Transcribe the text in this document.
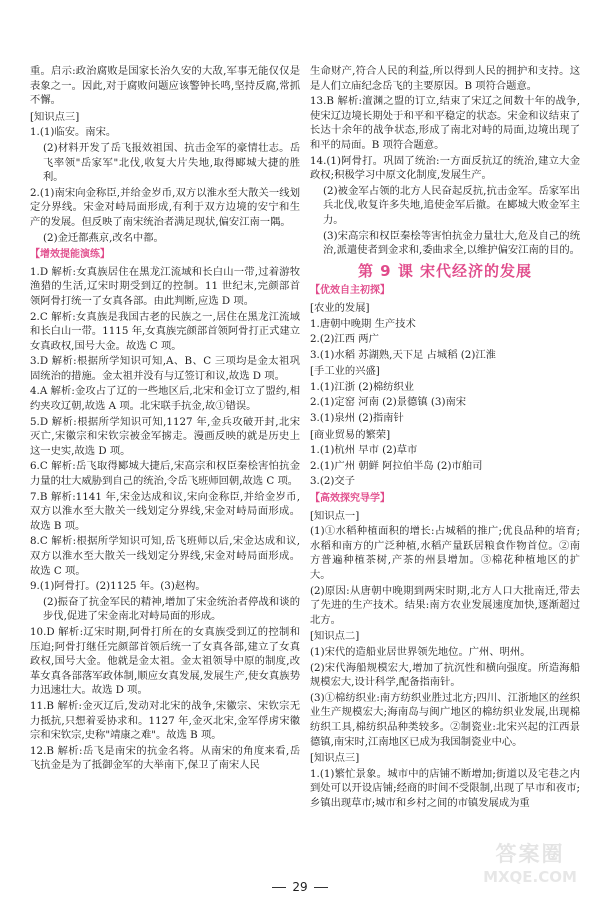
重。启示:政治腐败是国家长治久安的大敌,军事无能仅仅是表象之一。因此,对于腐败问题应该警钟长鸣,坚持反腐,常抓不懈。

[知识点三]

1.(1)临安。南宋。

(2)材料开发了岳飞报效祖国、抗击金军的豪情壮志。岳飞率领"岳家军"北伐,收复大片失地,取得郾城大捷的胜利。

2.(1)南宋向金称臣,并给金岁币,双方以淮水至大散关一线划定分界线。宋金对峙局面形成,有利于双方边境的安宁和生产的发展。但反映了南宋统治者满足现状,偏安江南一隅。

(2)金迁都燕京,改名中都。

【增效提能演练】

1.D 解析:女真族居住在黑龙江流域和长白山一带,过着游牧渔猎的生活,辽宋时期受到辽的控制。11 世纪末,完颜部首领阿骨打统一了女真各部。由此判断,应选 D 项。

2.C 解析:女真族是我国古老的民族之一,居住在黑龙江流域和长白山一带。1115 年,女真族完颜部首领阿骨打正式建立女真政权,国号大金。故选 C 项。

3.D 解析:根据所学知识可知,A、B、C 三项均是金太祖巩固统治的措施。金太祖并没有与辽签订和议,故选 D 项。

4.A 解析:金攻占了辽的一些地区后,北宋和金订立了盟约,相约夹攻辽朝,故选 A 项。北宋联手抗金,故①错误。

5.D 解析:根据所学知识可知,1127 年,金兵攻破开封,北宋灭亡,宋徽宗和宋钦宗被金军掳走。漫画反映的就是历史上这一史实,故选 D 项。

6.C 解析:岳飞取得郾城大捷后,宋高宗和权臣秦桧害怕抗金力量的壮大威胁到自己的统治,令岳飞班师回朝,故选 C 项。

7.B 解析:1141 年,宋金达成和议,宋向金称臣,并给金岁币,双方以淮水至大散关一线划定分界线,宋金对峙局面形成。故选 B 项。

8.C 解析:根据所学知识可知,岳飞班师以后,宋金达成和议,双方以淮水至大散关一线划定分界线,宋金对峙局面形成。故选 C 项。

9.(1)阿骨打。(2)1125 年。(3)赵构。

(2)振奋了抗金军民的精神,增加了宋金统治者停战和谈的步伐,促进了宋金南北对峙局面的形成。

10.D 解析:辽宋时期,阿骨打所在的女真族受到辽的控制和压迫;阿骨打继任完颜部首领后统一了女真各部,建立了女真政权,国号大金。他就是金太祖。金太祖领导中原的制度,改革女真各部落军政体制,顺应女真发展,发展生产,使女真族势力迅速壮大。故选 D 项。

11.B 解析:金灭辽后,发动对北宋的战争,宋徽宗、宋钦宗无力抵抗,只想着妥协求和。1127 年,金灭北宋,金军俘虏宋徽宗和宋钦宗,史称"靖康之难"。故选 B 项。

12.B 解析:岳飞是南宋的抗金名将。从南宋的角度来看,岳飞抗金是为了抵御金军的大举南下,保卫了南宋人民

生命财产,符合人民的利益,所以得到人民的拥护和支持。这是人们立庙纪念岳飞的主要原因。B 项符合题意。

13.B 解析:澶渊之盟的订立,结束了宋辽之间数十年的战争,使宋辽边境长期处于和平和平稳定的状态。宋金和议结束了长达十余年的战争状态,形成了南北对峙的局面,边境出现了和平的局面。B 项符合题意。

14.(1)阿骨打。巩固了统治:一方面反抗辽的统治,建立大金政权;积极学习中原文化制度,发展生产。

(2)被金军占领的北方人民奋起反抗,抗击金军。岳家军出兵北伐,收复许多失地,追使金军后撤。在郾城大败金军主力。

(3)宋高宗和权臣秦桧等害怕抗金力量壮大,危及自己的统治,派遣使者到金求和,委曲求全,以维护偏安江南的目的。

第 9 课 宋代经济的发展

【优效自主初探】

[农业的发展]

1.唐朝中晚期 生产技术

2.(2)江西 两广

3.(1)水稻 苏湖熟,天下足 占城稻 (2)江淮

[手工业的兴盛]

1.(1)江浙 (2)棉纺织业

2.(1)定窑 河南 (2)景德镇 (3)南宋

3.(1)泉州 (2)指南针

[商业贸易的繁荣]

1.(1)杭州 早市 (2)草市

2.(1)广州 朝鲜 阿拉伯半岛 (2)市舶司

3.(2)交子

【高效探究导学】

[知识点一]

(1)①水稻种植面积的增长:占城稻的推广;优良品种的培育;水稻和南方的广泛种植,水稻产量跃居粮食作物首位。②南方普遍种植茶树,产茶的州县增加。③棉花种植地区的扩大。

(2)原因:从唐朝中晚期到两宋时期,北方人口大批南迁,带去了先进的生产技术。结果:南方农业发展速度加快,逐渐超过北方。

[知识点二]

(1)宋代的造船业居世界领先地位。广州、明州。

(2)宋代海船规模宏大,增加了抗沉性和横向强度。所造海船规模宏大,设计科学,配备指南针。

(3)①棉纺织业:南方纺织业胜过北方;四川、江浙地区的丝织业生产规模宏大;海南岛与闽广地区的棉纺织业发展,出现棉纺织工具,棉纺织品种类较多。②制瓷业:北宋兴起的江西景德镇,南宋时,江南地区已成为我国制瓷业中心。

[知识点三]

1.(1)繁忙景象。城市中的店铺不断增加;街道以及宅巷之内到处可以开设店铺;经商的时间不受限制,出现了早市和夜市;乡镇出现草市;城市和乡村之间的市镇发展成为重

29
答案圈
MXQE.COM
